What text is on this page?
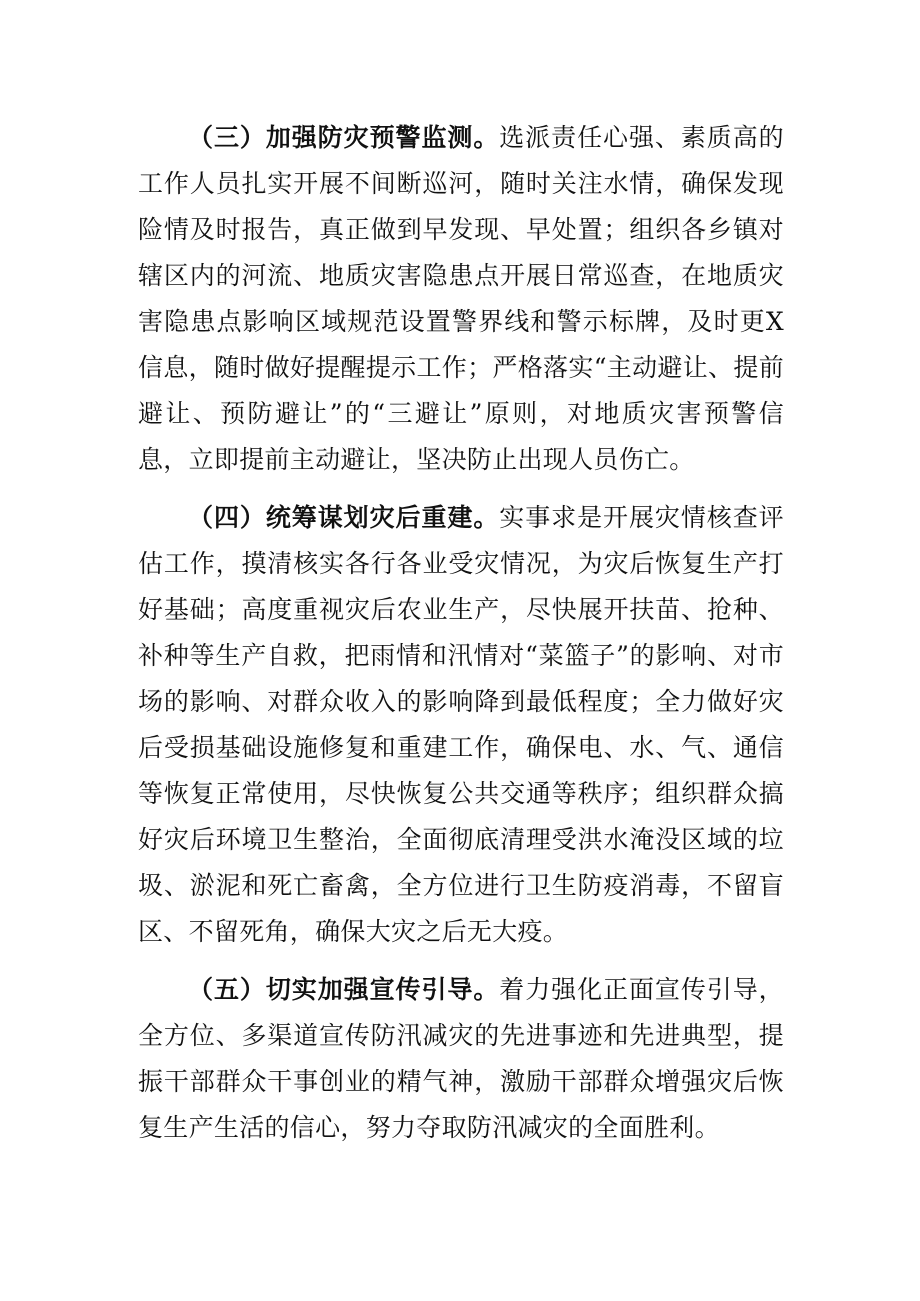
（三）加强防灾预警监测。选派责任心强、素质高的工作人员扎实开展不间断巡河，随时关注水情，确保发现险情及时报告，真正做到早发现、早处置；组织各乡镇对辖区内的河流、地质灾害隐患点开展日常巡查，在地质灾害隐患点影响区域规范设置警界线和警示标牌，及时更X信息，随时做好提醒提示工作；严格落实“主动避让、提前避让、预防避让”的“三避让”原则，对地质灾害预警信息，立即提前主动避让，坚决防止出现人员伤亡。

（四）统筹谋划灾后重建。实事求是开展灾情核查评估工作，摸清核实各行各业受灾情况，为灾后恢复生产打好基础；高度重视灾后农业生产，尽快展开扶苗、抢种、补种等生产自救，把雨情和汛情对“菜篮子”的影响、对市场的影响、对群众收入的影响降到最低程度；全力做好灾后受损基础设施修复和重建工作，确保电、水、气、通信等恢复正常使用，尽快恢复公共交通等秩序；组织群众搞好灾后环境卫生整治，全面彻底清理受洪水淹没区域的垃圾、淤泥和死亡畜禽，全方位进行卫生防疫消毒，不留盲区、不留死角，确保大灾之后无大疫。

（五）切实加强宣传引导。着力强化正面宣传引导，全方位、多渠道宣传防汛减灾的先进事迹和先进典型，提振干部群众干事创业的精气神，激励干部群众增强灾后恢复生产生活的信心，努力夺取防汛减灾的全面胜利。
